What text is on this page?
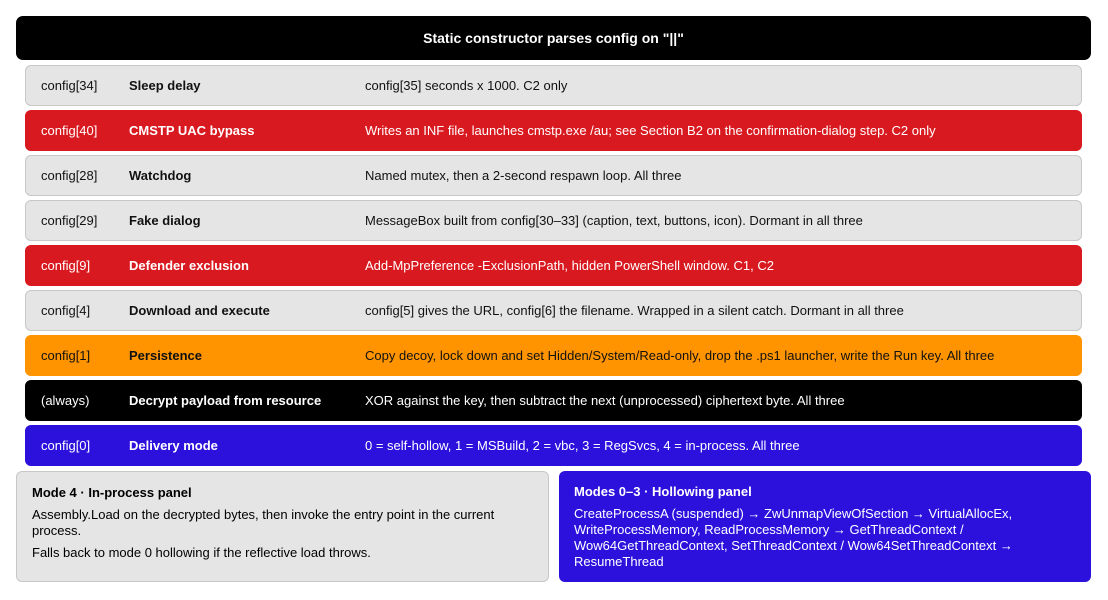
Static constructor parses config on "||"
config[34] Sleep delay	config[35] seconds x 1000. C2 only
config[40] CMSTP UAC bypass	Writes an INF file, launches cmstp.exe /au; see Section B2 on the confirmation-dialog step. C2 only
config[28] Watchdog	Named mutex, then a 2-second respawn loop. All three
config[29] Fake dialog	MessageBox built from config[30–33] (caption, text, buttons, icon). Dormant in all three
config[9]	Defender exclusion	Add-MpPreference -ExclusionPath, hidden PowerShell window. C1, C2
config[4]	Download and execute	config[5] gives the URL, config[6] the filename. Wrapped in a silent catch. Dormant in all three
config[1]	Persistence	Copy decoy, lock down and set Hidden/System/Read-only, drop the .ps1 launcher, write the Run key. All three
(always)	Decrypt payload from resource	XOR against the key, then subtract the next (unprocessed) ciphertext byte. All three
config[0]	Delivery mode	0 = self-hollow, 1 = MSBuild, 2 = vbc, 3 = RegSvcs, 4 = in-process. All three
Mode 4 · In-process panel

Assembly.Load on the decrypted bytes, then invoke the entry point in the current process.

Falls back to mode 0 hollowing if the reflective load throws.

Modes 0–3 · Hollowing panel

CreateProcessA (suspended) → ZwUnmapViewOfSection → VirtualAllocEx, WriteProcessMemory, ReadProcessMemory → GetThreadContext / Wow64GetThreadContext, SetThreadContext / Wow64SetThreadContext → ResumeThread
